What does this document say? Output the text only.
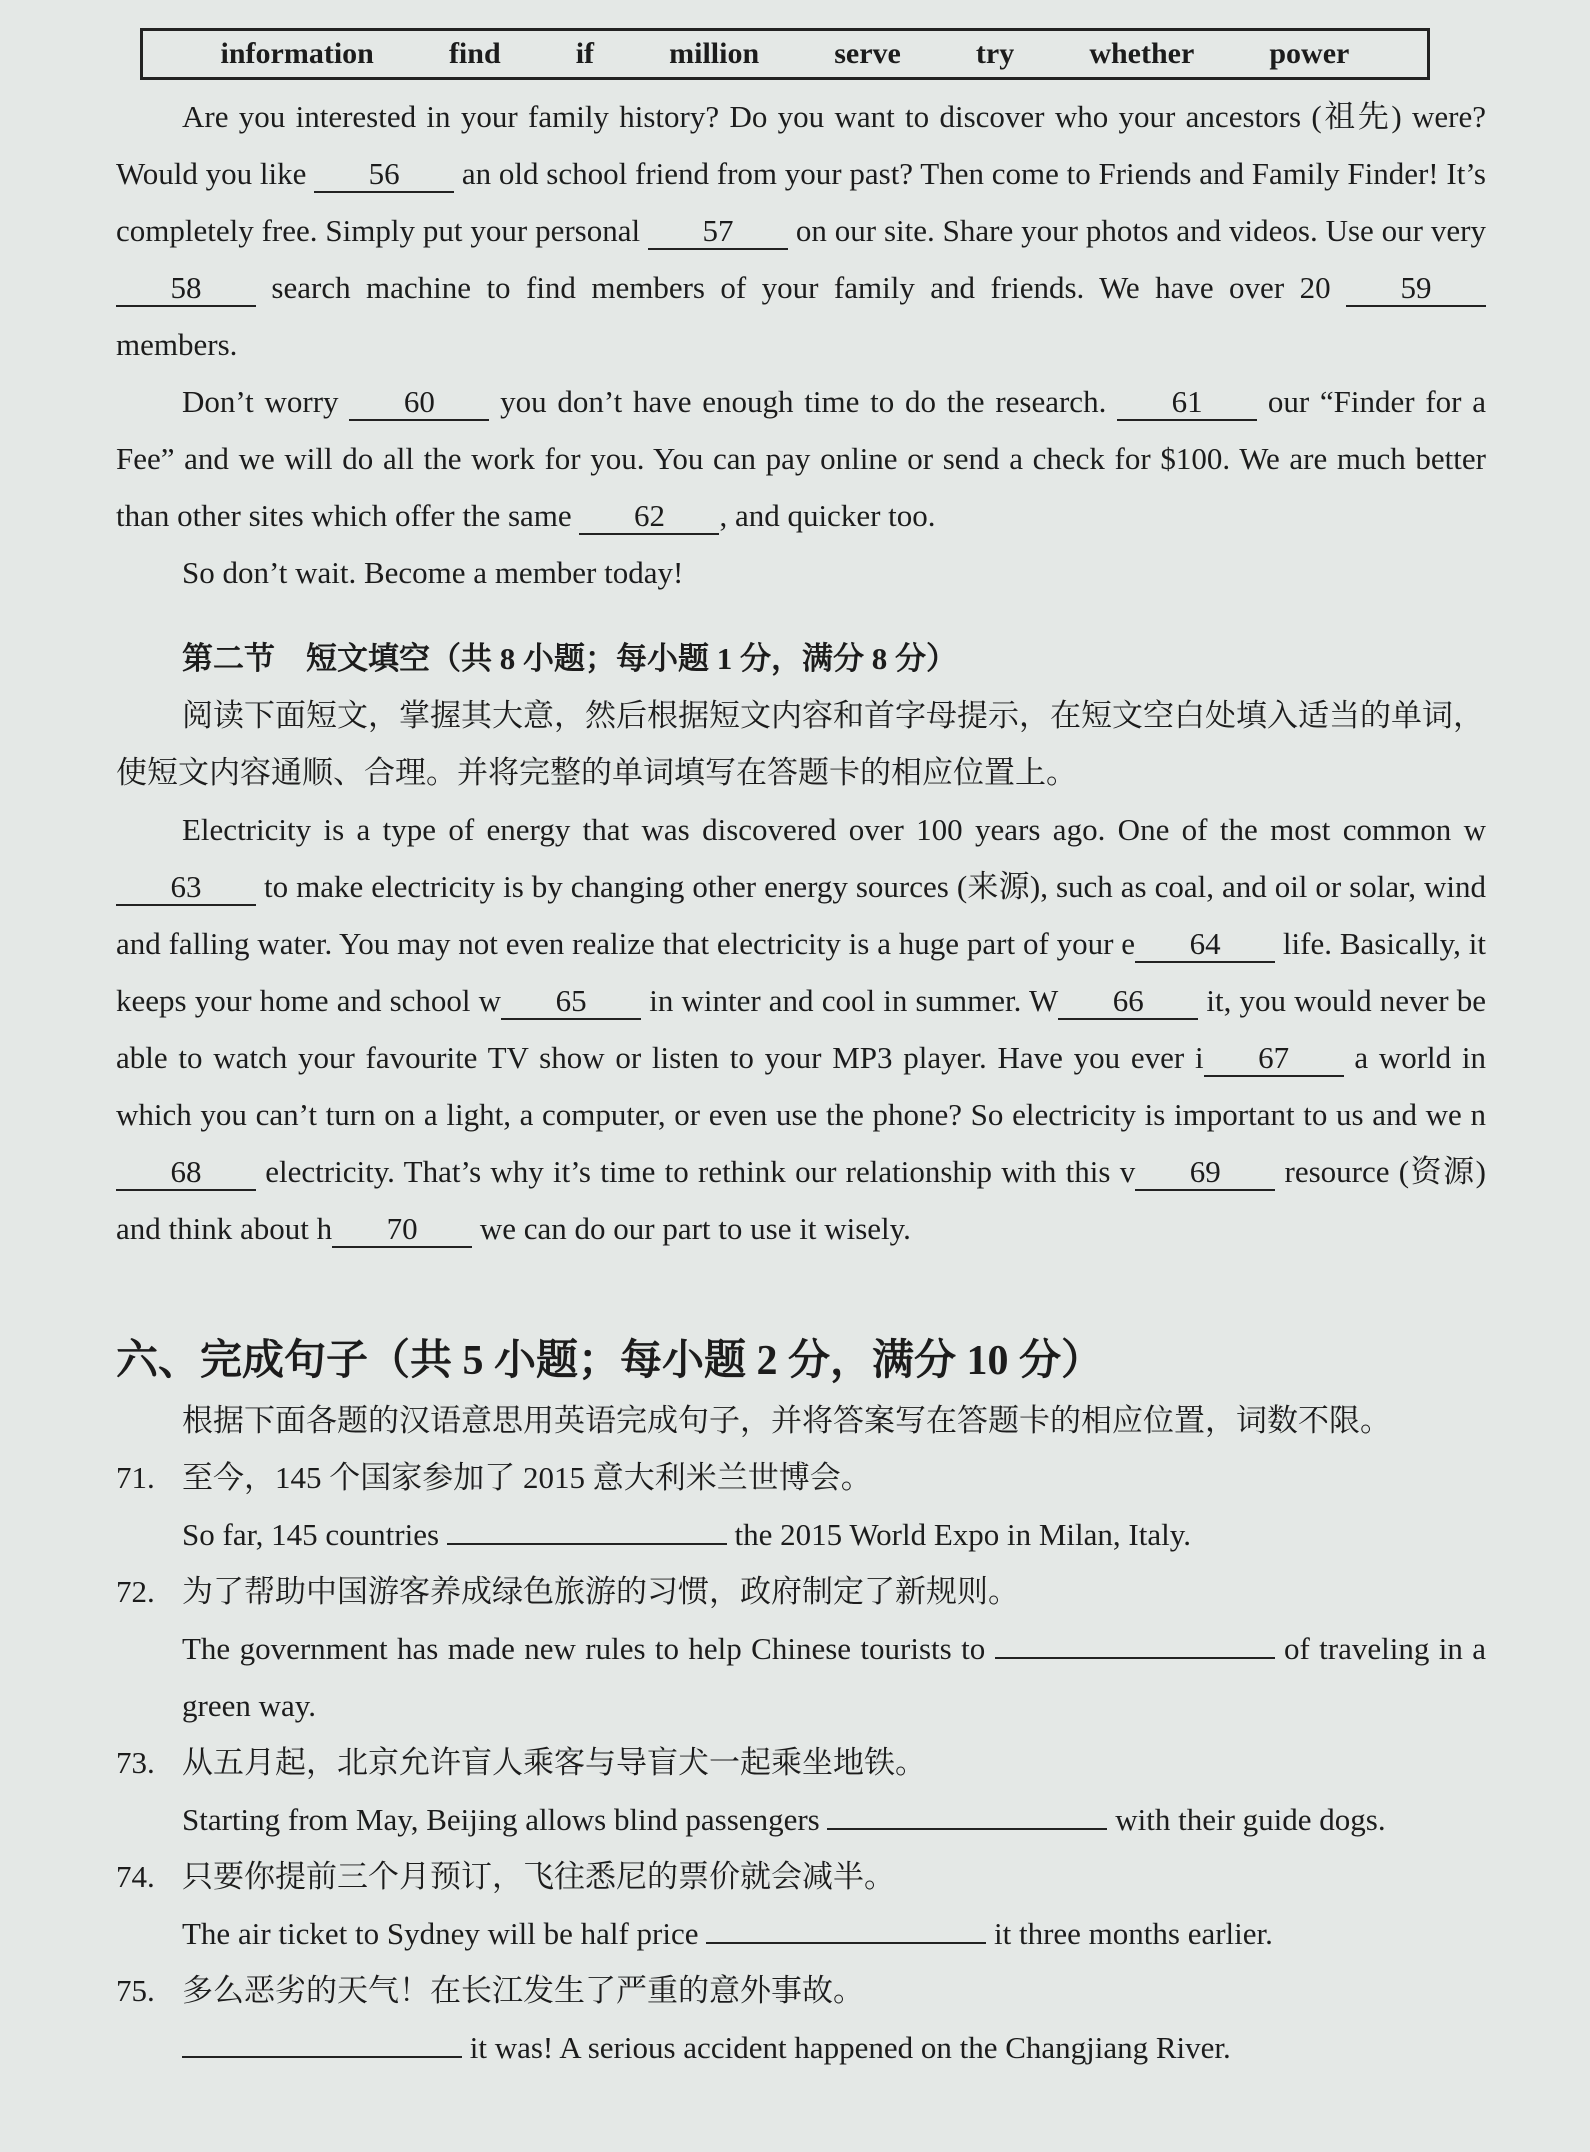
information	find	if	million	serve	try	whether	power

Are you interested in your family history? Do you want to discover who your ancestors (祖先) were? Would you like 56 an old school friend from your past? Then come to Friends and Family Finder! It’s completely free. Simply put your personal 57 on our site. Share your photos and videos. Use our very 58 search machine to find members of your family and friends. We have over 20 59 members.

Don’t worry 60 you don’t have enough time to do the research. 61 our “Finder for a Fee” and we will do all the work for you. You can pay online or send a check for $100. We are much better than other sites which offer the same 62 , and quicker too.

So don’t wait. Become a member today!

第二节　短文填空（共 8 小题；每小题 1 分，满分 8 分）

阅读下面短文，掌握其大意，然后根据短文内容和首字母提示，在短文空白处填入适当的单词，使短文内容通顺、合理。并将完整的单词填写在答题卡的相应位置上。

Electricity is a type of energy that was discovered over 100 years ago. One of the most common w63 to make electricity is by changing other energy sources (来源), such as coal, and oil or solar, wind and falling water. You may not even realize that electricity is a huge part of your e 64 life. Basically, it keeps your home and school w 65 in winter and cool in summer. W 66 it, you would never be able to watch your favourite TV show or listen to your MP3 player. Have you ever i 67 a world in which you can’t turn on a light, a computer, or even use the phone? So electricity is important to us and we n68 electricity. That’s why it’s time to rethink our relationship with this v 69 resource (资源) and think about h 70 we can do our part to use it wisely.

六、完成句子（共 5 小题；每小题 2 分，满分 10 分）

根据下面各题的汉语意思用英语完成句子，并将答案写在答题卡的相应位置，词数不限。

71. 至今，145 个国家参加了 2015 意大利米兰世博会。

So far, 145 countries	the 2015 World Expo in Milan, Italy.

72. 为了帮助中国游客养成绿色旅游的习惯，政府制定了新规则。

The government has made new rules to help Chinese tourists to	of traveling in a green way.

73. 从五月起，北京允许盲人乘客与导盲犬一起乘坐地铁。

Starting from May, Beijing allows blind passengers	with their guide dogs.

74. 只要你提前三个月预订，飞往悉尼的票价就会减半。

The air ticket to Sydney will be half price	it three months earlier.

75. 多么恶劣的天气！在长江发生了严重的意外事故。

it was! A serious accident happened on the Changjiang River.
